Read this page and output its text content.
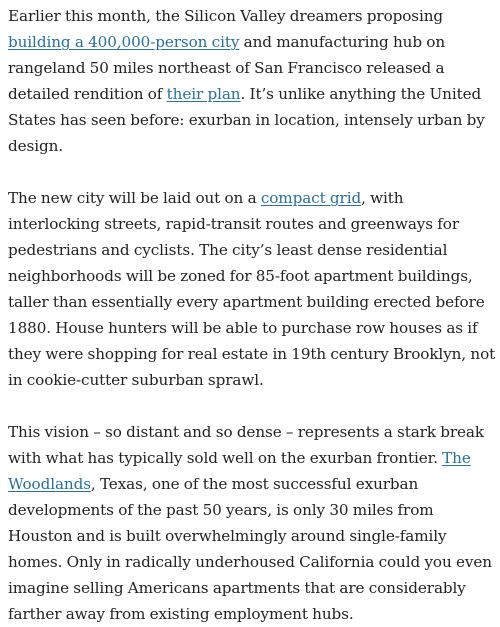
Earlier this month, the Silicon Valley dreamers proposing building a 400,000-person city and manufacturing hub on rangeland 50 miles northeast of San Francisco released a detailed rendition of their plan. It’s unlike anything the United States has seen before: exurban in location, intensely urban by design.

The new city will be laid out on a compact grid, with interlocking streets, rapid-transit routes and greenways for pedestrians and cyclists. The city’s least dense residential neighborhoods will be zoned for 85-foot apartment buildings, taller than essentially every apartment building erected before 1880. House hunters will be able to purchase row houses as if they were shopping for real estate in 19th century Brooklyn, not in cookie-cutter suburban sprawl.

This vision – so distant and so dense – represents a stark break with what has typically sold well on the exurban frontier. The Woodlands, Texas, one of the most successful exurban developments of the past 50 years, is only 30 miles from Houston and is built overwhelmingly around single-family homes. Only in radically underhoused California could you even imagine selling Americans apartments that are considerably farther away from existing employment hubs.
